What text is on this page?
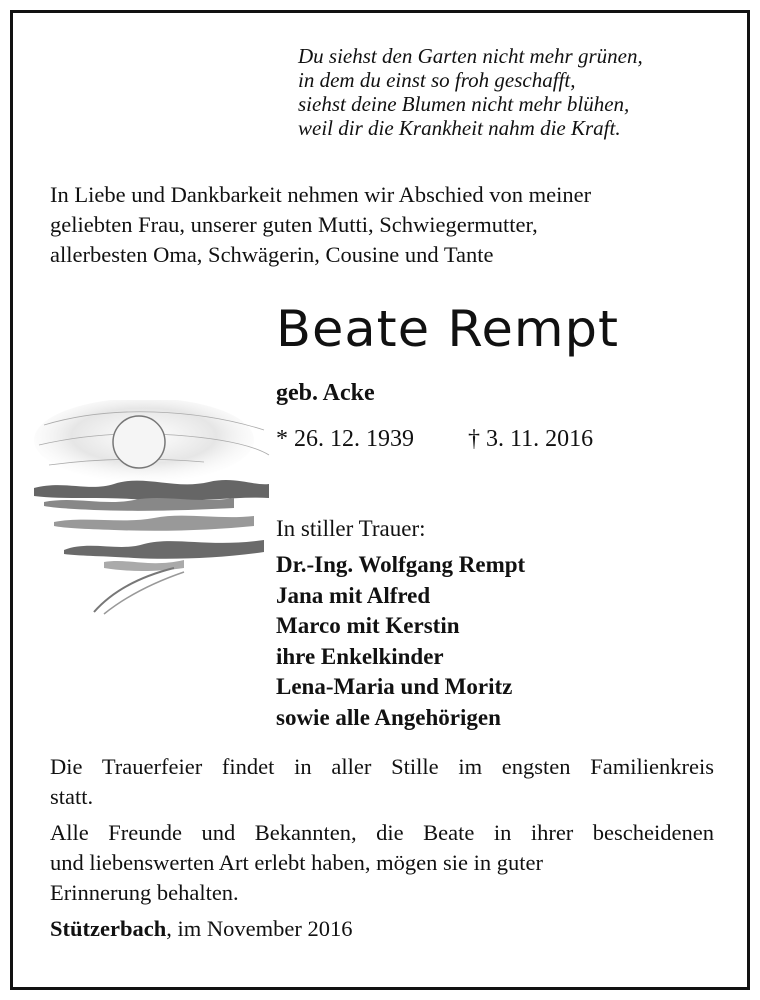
Du siehst den Garten nicht mehr grünen,
in dem du einst so froh geschafft,
siehst deine Blumen nicht mehr blühen,
weil dir die Krankheit nahm die Kraft.
In Liebe und Dankbarkeit nehmen wir Abschied von meiner
geliebten Frau, unserer guten Mutti, Schwiegermutter,
allerbesten Oma, Schwägerin, Cousine und Tante
Beate Rempt
geb. Acke
* 26. 12. 1939 † 3. 11. 2016
In stiller Trauer:
Dr.-Ing. Wolfgang Rempt
Jana mit Alfred
Marco mit Kerstin
ihre Enkelkinder
Lena-Maria und Moritz
sowie alle Angehörigen
Die Trauerfeier findet in aller Stille im engsten Familienkreis
statt.
Alle Freunde und Bekannten, die Beate in ihrer bescheidenen
und liebenswerten Art erlebt haben, mögen sie in guter
Erinnerung behalten.
Stützerbach, im November 2016
